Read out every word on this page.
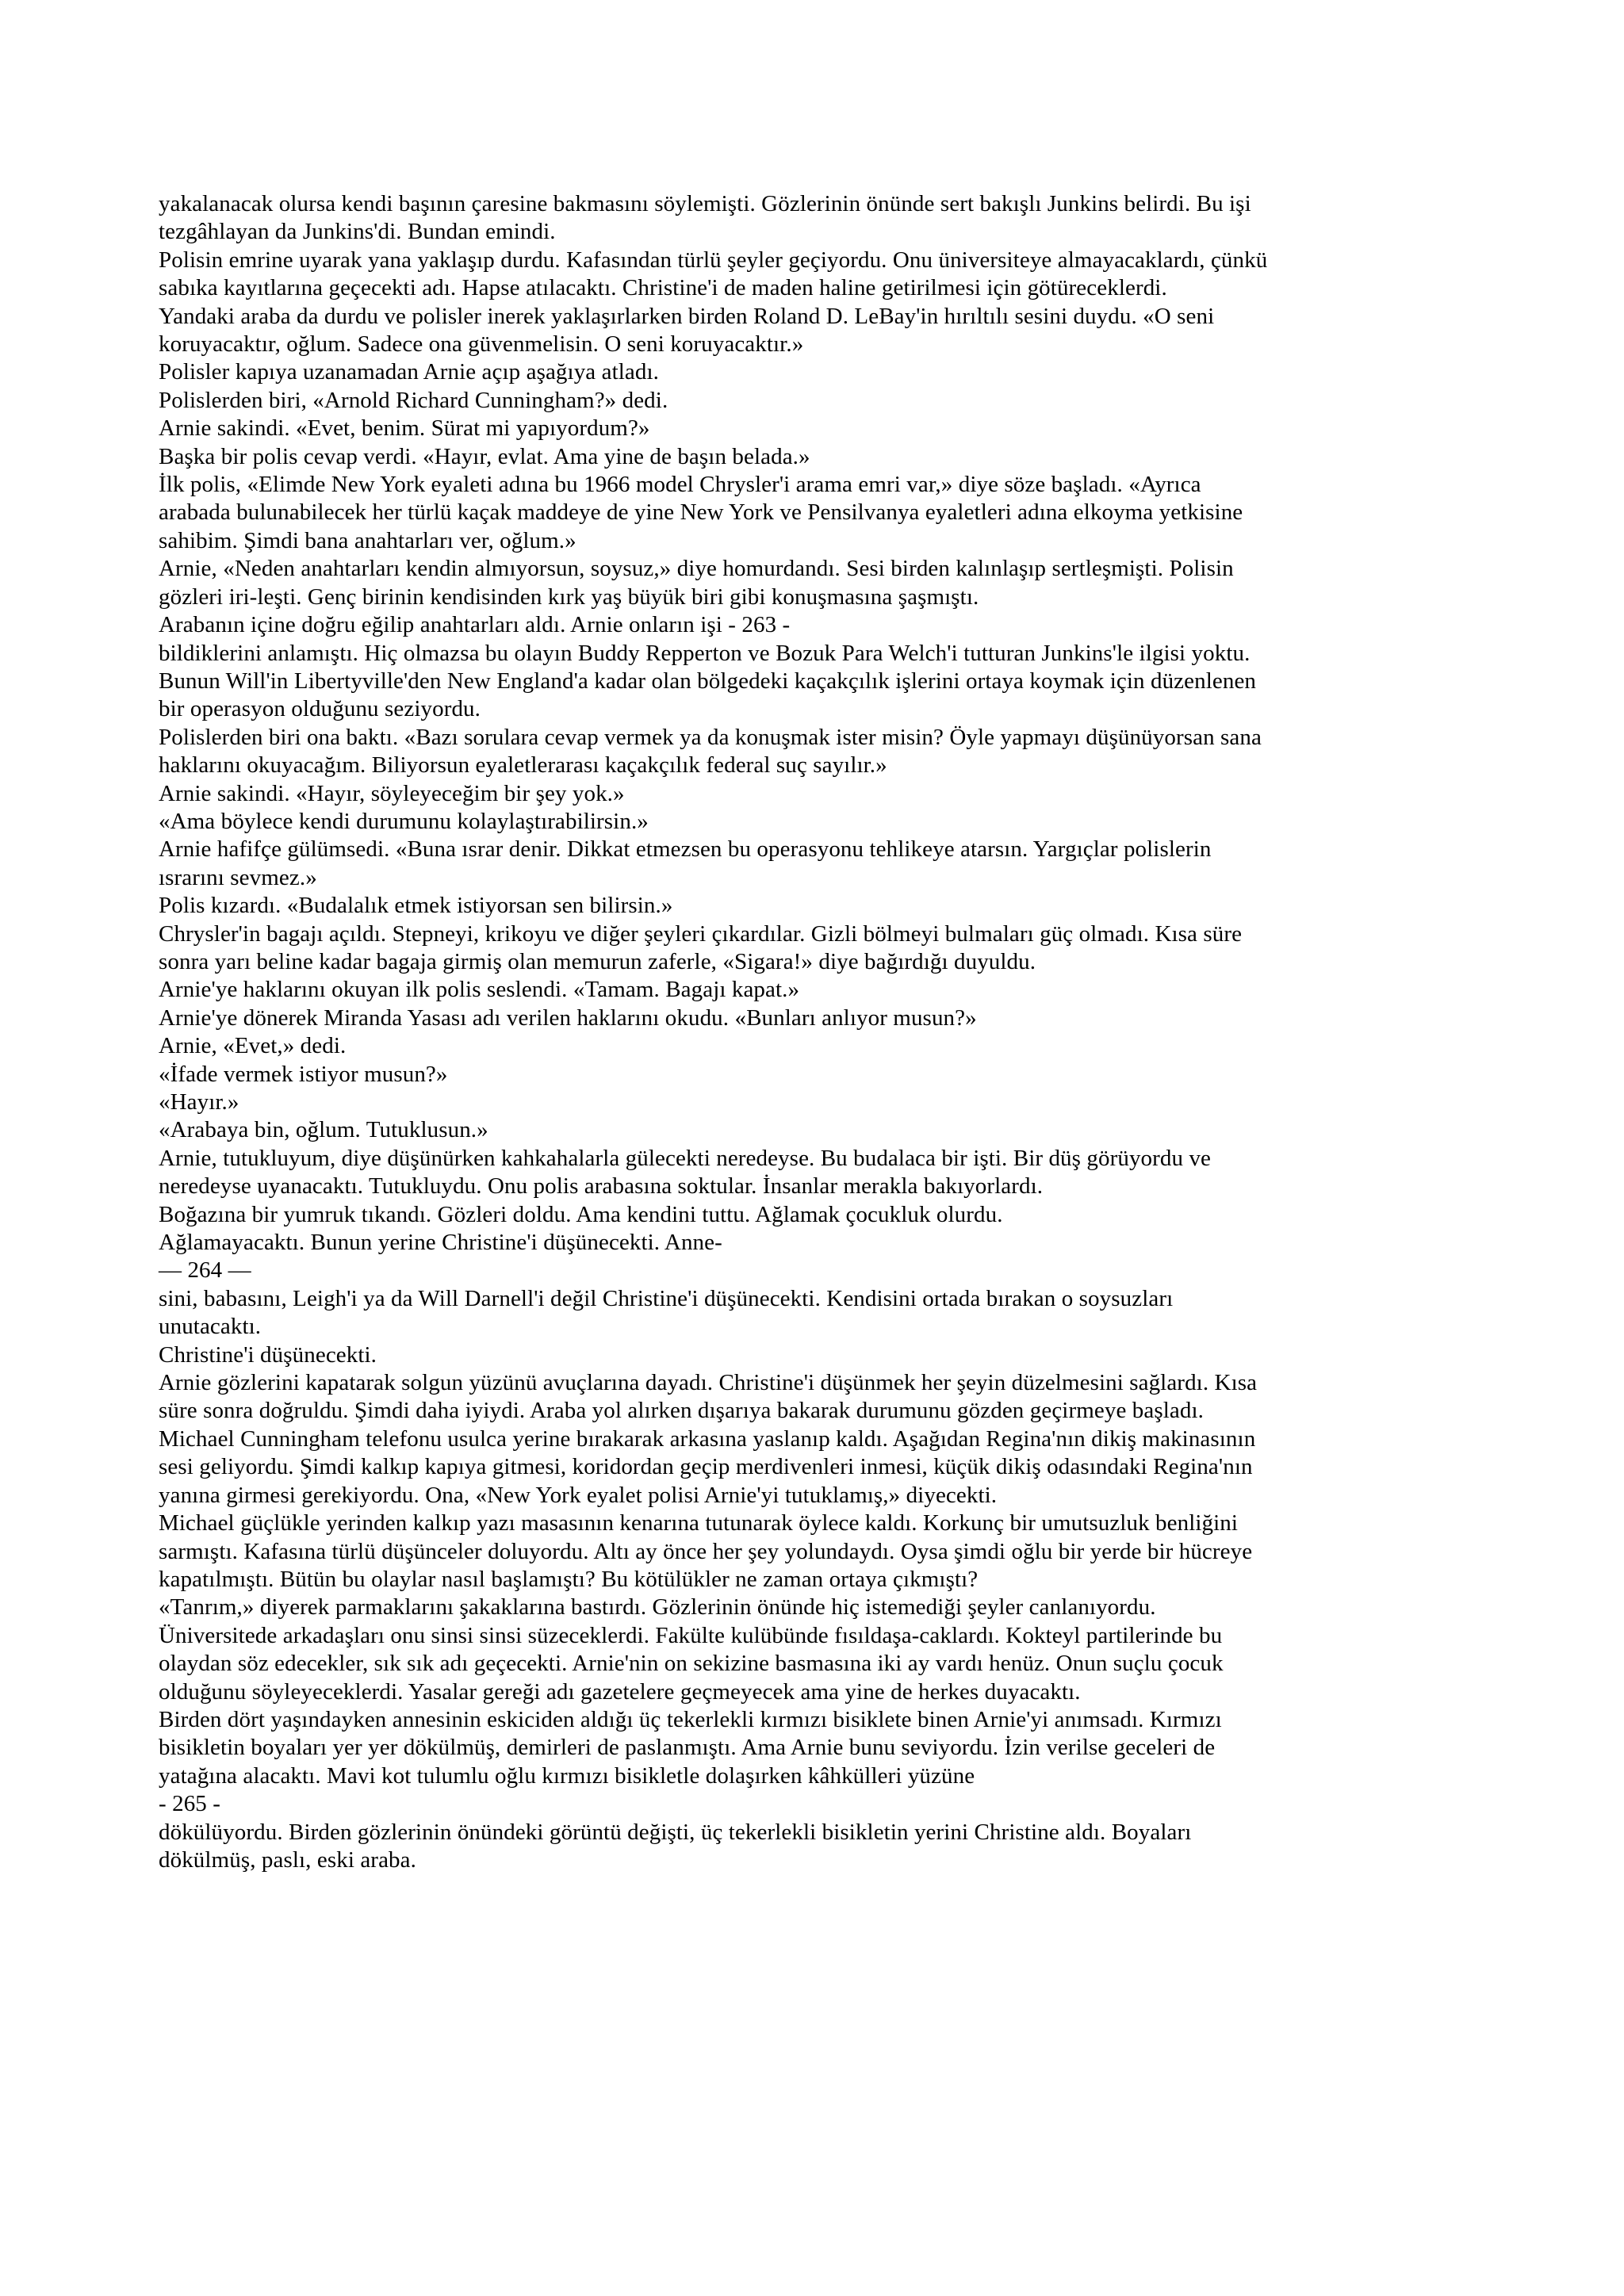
yakalanacak olursa kendi başının çaresine bakmasını söylemişti. Gözlerinin önünde sert bakışlı Junkins belirdi. Bu işi

tezgâhlayan da Junkins'di. Bundan emindi.

Polisin emrine uyarak yana yaklaşıp durdu. Kafasından türlü şeyler geçiyordu. Onu üniversiteye almayacaklardı, çünkü

sabıka kayıtlarına geçecekti adı. Hapse atılacaktı. Christine'i de maden haline getirilmesi için götüreceklerdi.

Yandaki araba da durdu ve polisler inerek yaklaşırlarken birden Roland D. LeBay'in hırıltılı sesini duydu. «O seni

koruyacaktır, oğlum. Sadece ona güvenmelisin. O seni koruyacaktır.»

Polisler kapıya uzanamadan Arnie açıp aşağıya atladı.

Polislerden biri, «Arnold Richard Cunningham?» dedi.

Arnie sakindi. «Evet, benim. Sürat mi yapıyordum?»

Başka bir polis cevap verdi. «Hayır, evlat. Ama yine de başın belada.»

İlk polis, «Elimde New York eyaleti adına bu 1966 model Chrysler'i arama emri var,» diye söze başladı. «Ayrıca

arabada bulunabilecek her türlü kaçak maddeye de yine New York ve Pensilvanya eyaletleri adına elkoyma yetkisine

sahibim. Şimdi bana anahtarları ver, oğlum.»

Arnie, «Neden anahtarları kendin almıyorsun, soysuz,» diye homurdandı. Sesi birden kalınlaşıp sertleşmişti. Polisin

gözleri iri-leşti. Genç birinin kendisinden kırk yaş büyük biri gibi konuşmasına şaşmıştı.

Arabanın içine doğru eğilip anahtarları aldı. Arnie onların işi - 263 -

bildiklerini anlamıştı. Hiç olmazsa bu olayın Buddy Repperton ve Bozuk Para Welch'i tutturan Junkins'le ilgisi yoktu.

Bunun Will'in Libertyville'den New England'a kadar olan bölgedeki kaçakçılık işlerini ortaya koymak için düzenlenen

bir operasyon olduğunu seziyordu.

Polislerden biri ona baktı. «Bazı sorulara cevap vermek ya da konuşmak ister misin? Öyle yapmayı düşünüyorsan sana

haklarını okuyacağım. Biliyorsun eyaletlerarası kaçakçılık federal suç sayılır.»

Arnie sakindi. «Hayır, söyleyeceğim bir şey yok.»

«Ama böylece kendi durumunu kolaylaştırabilirsin.»

Arnie hafifçe gülümsedi. «Buna ısrar denir. Dikkat etmezsen bu operasyonu tehlikeye atarsın. Yargıçlar polislerin

ısrarını sevmez.»

Polis kızardı. «Budalalık etmek istiyorsan sen bilirsin.»

Chrysler'in bagajı açıldı. Stepneyi, krikoyu ve diğer şeyleri çıkardılar. Gizli bölmeyi bulmaları güç olmadı. Kısa süre

sonra yarı beline kadar bagaja girmiş olan memurun zaferle, «Sigara!» diye bağırdığı duyuldu.

Arnie'ye haklarını okuyan ilk polis seslendi. «Tamam. Bagajı kapat.»

Arnie'ye dönerek Miranda Yasası adı verilen haklarını okudu. «Bunları anlıyor musun?»

Arnie, «Evet,» dedi.

«İfade vermek istiyor musun?»

«Hayır.»

«Arabaya bin, oğlum. Tutuklusun.»

Arnie, tutukluyum, diye düşünürken kahkahalarla gülecekti neredeyse. Bu budalaca bir işti. Bir düş görüyordu ve

neredeyse uyanacaktı. Tutukluydu. Onu polis arabasına soktular. İnsanlar merakla bakıyorlardı.

Boğazına bir yumruk tıkandı. Gözleri doldu. Ama kendini tuttu. Ağlamak çocukluk olurdu.

Ağlamayacaktı. Bunun yerine Christine'i düşünecekti. Anne-

— 264 —

sini, babasını, Leigh'i ya da Will Darnell'i değil Christine'i düşünecekti. Kendisini ortada bırakan o soysuzları

unutacaktı.

Christine'i düşünecekti.

Arnie gözlerini kapatarak solgun yüzünü avuçlarına dayadı. Christine'i düşünmek her şeyin düzelmesini sağlardı. Kısa

süre sonra doğruldu. Şimdi daha iyiydi. Araba yol alırken dışarıya bakarak durumunu gözden geçirmeye başladı.

Michael Cunningham telefonu usulca yerine bırakarak arkasına yaslanıp kaldı. Aşağıdan Regina'nın dikiş makinasının

sesi geliyordu. Şimdi kalkıp kapıya gitmesi, koridordan geçip merdivenleri inmesi, küçük dikiş odasındaki Regina'nın

yanına girmesi gerekiyordu. Ona, «New York eyalet polisi Arnie'yi tutuklamış,» diyecekti.

Michael güçlükle yerinden kalkıp yazı masasının kenarına tutunarak öylece kaldı. Korkunç bir umutsuzluk benliğini

sarmıştı. Kafasına türlü düşünceler doluyordu. Altı ay önce her şey yolundaydı. Oysa şimdi oğlu bir yerde bir hücreye

kapatılmıştı. Bütün bu olaylar nasıl başlamıştı? Bu kötülükler ne zaman ortaya çıkmıştı?

«Tanrım,» diyerek parmaklarını şakaklarına bastırdı. Gözlerinin önünde hiç istemediği şeyler canlanıyordu.

Üniversitede arkadaşları onu sinsi sinsi süzeceklerdi. Fakülte kulübünde fısıldaşa-caklardı. Kokteyl partilerinde bu

olaydan söz edecekler, sık sık adı geçecekti. Arnie'nin on sekizine basmasına iki ay vardı henüz. Onun suçlu çocuk

olduğunu söyleyeceklerdi. Yasalar gereği adı gazetelere geçmeyecek ama yine de herkes duyacaktı.

Birden dört yaşındayken annesinin eskiciden aldığı üç tekerlekli kırmızı bisiklete binen Arnie'yi anımsadı. Kırmızı

bisikletin boyaları yer yer dökülmüş, demirleri de paslanmıştı. Ama Arnie bunu seviyordu. İzin verilse geceleri de

yatağına alacaktı. Mavi kot tulumlu oğlu kırmızı bisikletle dolaşırken kâhkülleri yüzüne

- 265 -

dökülüyordu. Birden gözlerinin önündeki görüntü değişti, üç tekerlekli bisikletin yerini Christine aldı. Boyaları

dökülmüş, paslı, eski araba.
